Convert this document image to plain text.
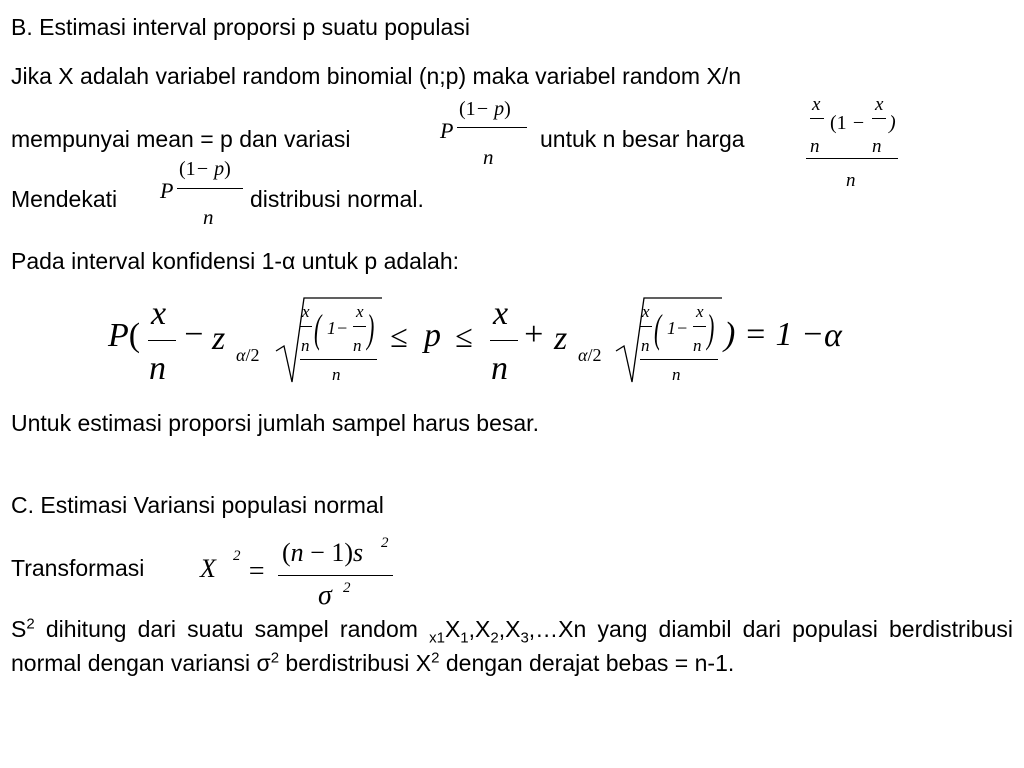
B. Estimasi interval proporsi p suatu populasi
Jika X adalah variabel random binomial (n;p) maka variabel random X/n
mempunyai mean = p dan variasi	P
(1− p)
n
untuk n besar harga
x
n
(1 −
x
n
)
n
Mendekati P
(1− p)
n
distribusi normal.
Pada interval konfidensi 1-α untuk p adalah:
P(
x
n
− z α/2
x
n ( 1−
x
n )
n
≤ p ≤
x
n
+ z α/2
x
n ( 1−
x
n )
n
) = 1 − α
Untuk estimasi proporsi jumlah sampel harus besar.
C. Estimasi Variansi populasi normal
Transformasi X 2 =
(n − 1)s 2
σ 2
$S^2$ dihitung dari suatu sampel random $_{x1}X_1,X_2,X_3,\dots Xn$ yang diambil dari populasi berdistribusi normal dengan variansi $\sigma^2$ berdistribusi $X^2$ dengan derajat bebas = n-1.
